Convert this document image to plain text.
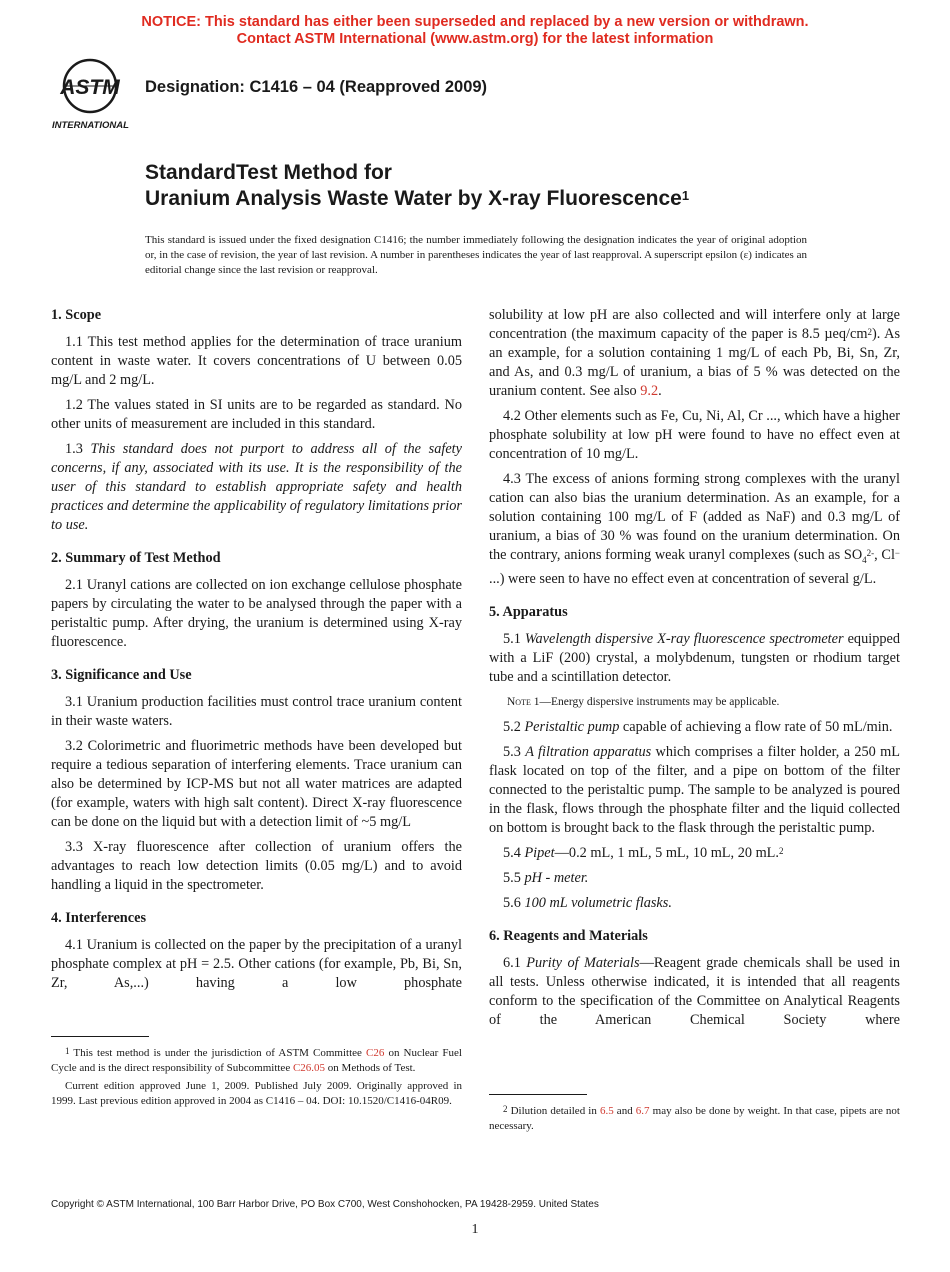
NOTICE: This standard has either been superseded and replaced by a new version or withdrawn.
Contact ASTM International (www.astm.org) for the latest information
ASTM
INTERNATIONAL
Designation: C1416 – 04 (Reapproved 2009)
StandardTest Method for
Uranium Analysis Waste Water by X-ray Fluorescence$^1$
This standard is issued under the fixed designation C1416; the number immediately following the designation indicates the year of original adoption or, in the case of revision, the year of last revision. A number in parentheses indicates the year of last reapproval. A superscript epsilon (ε) indicates an editorial change since the last revision or reapproval.
1. Scope

1.1 This test method applies for the determination of trace uranium content in waste water. It covers concentrations of U between 0.05 mg/L and 2 mg/L.

1.2 The values stated in SI units are to be regarded as standard. No other units of measurement are included in this standard.

1.3 This standard does not purport to address all of the safety concerns, if any, associated with its use. It is the responsibility of the user of this standard to establish appropriate safety and health practices and determine the applicability of regulatory limitations prior to use.

2. Summary of Test Method

2.1 Uranyl cations are collected on ion exchange cellulose phosphate papers by circulating the water to be analysed through the paper with a peristaltic pump. After drying, the uranium is determined using X-ray fluorescence.

3. Significance and Use

3.1 Uranium production facilities must control trace uranium content in their waste waters.

3.2 Colorimetric and fluorimetric methods have been developed but require a tedious separation of interfering elements. Trace uranium can also be determined by ICP-MS but not all water matrices are adapted (for example, waters with high salt content). Direct X-ray fluorescence can be done on the liquid but with a detection limit of ~5 mg/L

3.3 X-ray fluorescence after collection of uranium offers the advantages to reach low detection limits (0.05 mg/L) and to avoid handling a liquid in the spectrometer.

4. Interferences

4.1 Uranium is collected on the paper by the precipitation of a uranyl phosphate complex at pH = 2.5. Other cations (for example, Pb, Bi, Sn, Zr, As,...) having a low phosphate

$^1$ This test method is under the jurisdiction of ASTM Committee C26 on Nuclear Fuel Cycle and is the direct responsibility of Subcommittee C26.05 on Methods of Test.

Current edition approved June 1, 2009. Published July 2009. Originally approved in 1999. Last previous edition approved in 2004 as C1416 – 04. DOI: 10.1520/C1416-04R09.

solubility at low pH are also collected and will interfere only at large concentration (the maximum capacity of the paper is 8.5 µeq/cm$^2$). As an example, for a solution containing 1 mg/L of each Pb, Bi, Sn, Zr, and As, and 0.3 mg/L of uranium, a bias of 5 % was detected on the uranium content. See also 9.2.

4.2 Other elements such as Fe, Cu, Ni, Al, Cr ..., which have a higher phosphate solubility at low pH were found to have no effect even at concentration of 10 mg/L.

4.3 The excess of anions forming strong complexes with the uranyl cation can also bias the uranium determination. As an example, for a solution containing 100 mg/L of F (added as NaF) and 0.3 mg/L of uranium, a bias of 30 % was found on the uranium determination. On the contrary, anions forming weak uranyl complexes (such as $SO_4^{2-}$, Cl− ...) were seen to have no effect even at concentration of several g/L.

5. Apparatus

5.1 Wavelength dispersive X-ray fluorescence spectrometer equipped with a LiF (200) crystal, a molybdenum, tungsten or rhodium target tube and a scintillation detector.

Note 1—Energy dispersive instruments may be applicable.

5.2 Peristaltic pump capable of achieving a flow rate of 50 mL/min.

5.3 A filtration apparatus which comprises a filter holder, a 250 mL flask located on top of the filter, and a pipe on bottom of the filter connected to the peristaltic pump. The sample to be analyzed is poured in the flask, flows through the phosphate filter and the liquid collected on bottom is brought back to the flask through the peristaltic pump.

5.4 Pipet—0.2 mL, 1 mL, 5 mL, 10 mL, 20 mL.$^2$

5.5 pH - meter.

5.6 100 mL volumetric flasks.

6. Reagents and Materials

6.1 Purity of Materials—Reagent grade chemicals shall be used in all tests. Unless otherwise indicated, it is intended that all reagents conform to the specification of the Committee on Analytical Reagents of the American Chemical Society where

$^2$ Dilution detailed in 6.5 and 6.7 may also be done by weight. In that case, pipets are not necessary.

Copyright © ASTM International, 100 Barr Harbor Drive, PO Box C700, West Conshohocken, PA 19428-2959. United States
1
